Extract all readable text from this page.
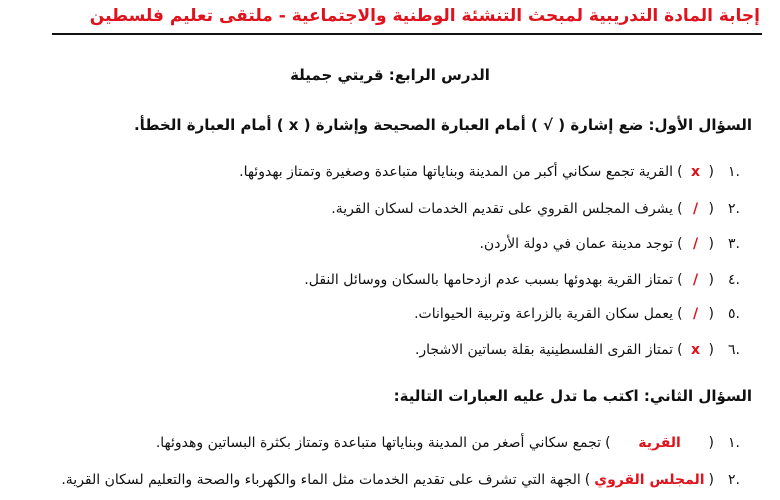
إجابة المادة التدريبية لمبحث التنشئة الوطنية والاجتماعية - ملتقى تعليم فلسطين
الدرس الرابع: قريتي جميلة
السؤال الأول: ضع إشارة ( √ ) أمام العبارة الصحيحة وإشارة ( x ) أمام العبارة الخطأ.
.١
(
x
)
القرية تجمع سكاني أكبر من المدينة وبناياتها متباعدة وصغيرة وتمتاز بهدوئها.
.٢
(
/
)
يشرف المجلس القروي على تقديم الخدمات لسكان القرية.
.٣
(
/
)
توجد مدينة عمان في دولة الأردن.
.٤
(
/
)
تمتاز القرية بهدوئها بسبب عدم ازدحامها بالسكان ووسائل النقل.
.٥
(
/
)
يعمل سكان القرية بالزراعة وتربية الحيوانات.
.٦
(
x
)
تمتاز القرى الفلسطينية بقلة بساتين الاشجار.
السؤال الثاني: اكتب ما تدل عليه العبارات التالية:
.١
(
القرية
)
تجمع سكاني أصغر من المدينة وبناياتها متباعدة وتمتاز بكثرة البساتين وهدوئها.
.٢
(
المجلس القروي
)
الجهة التي تشرف على تقديم الخدمات مثل الماء والكهرباء والصحة والتعليم لسكان القرية.
